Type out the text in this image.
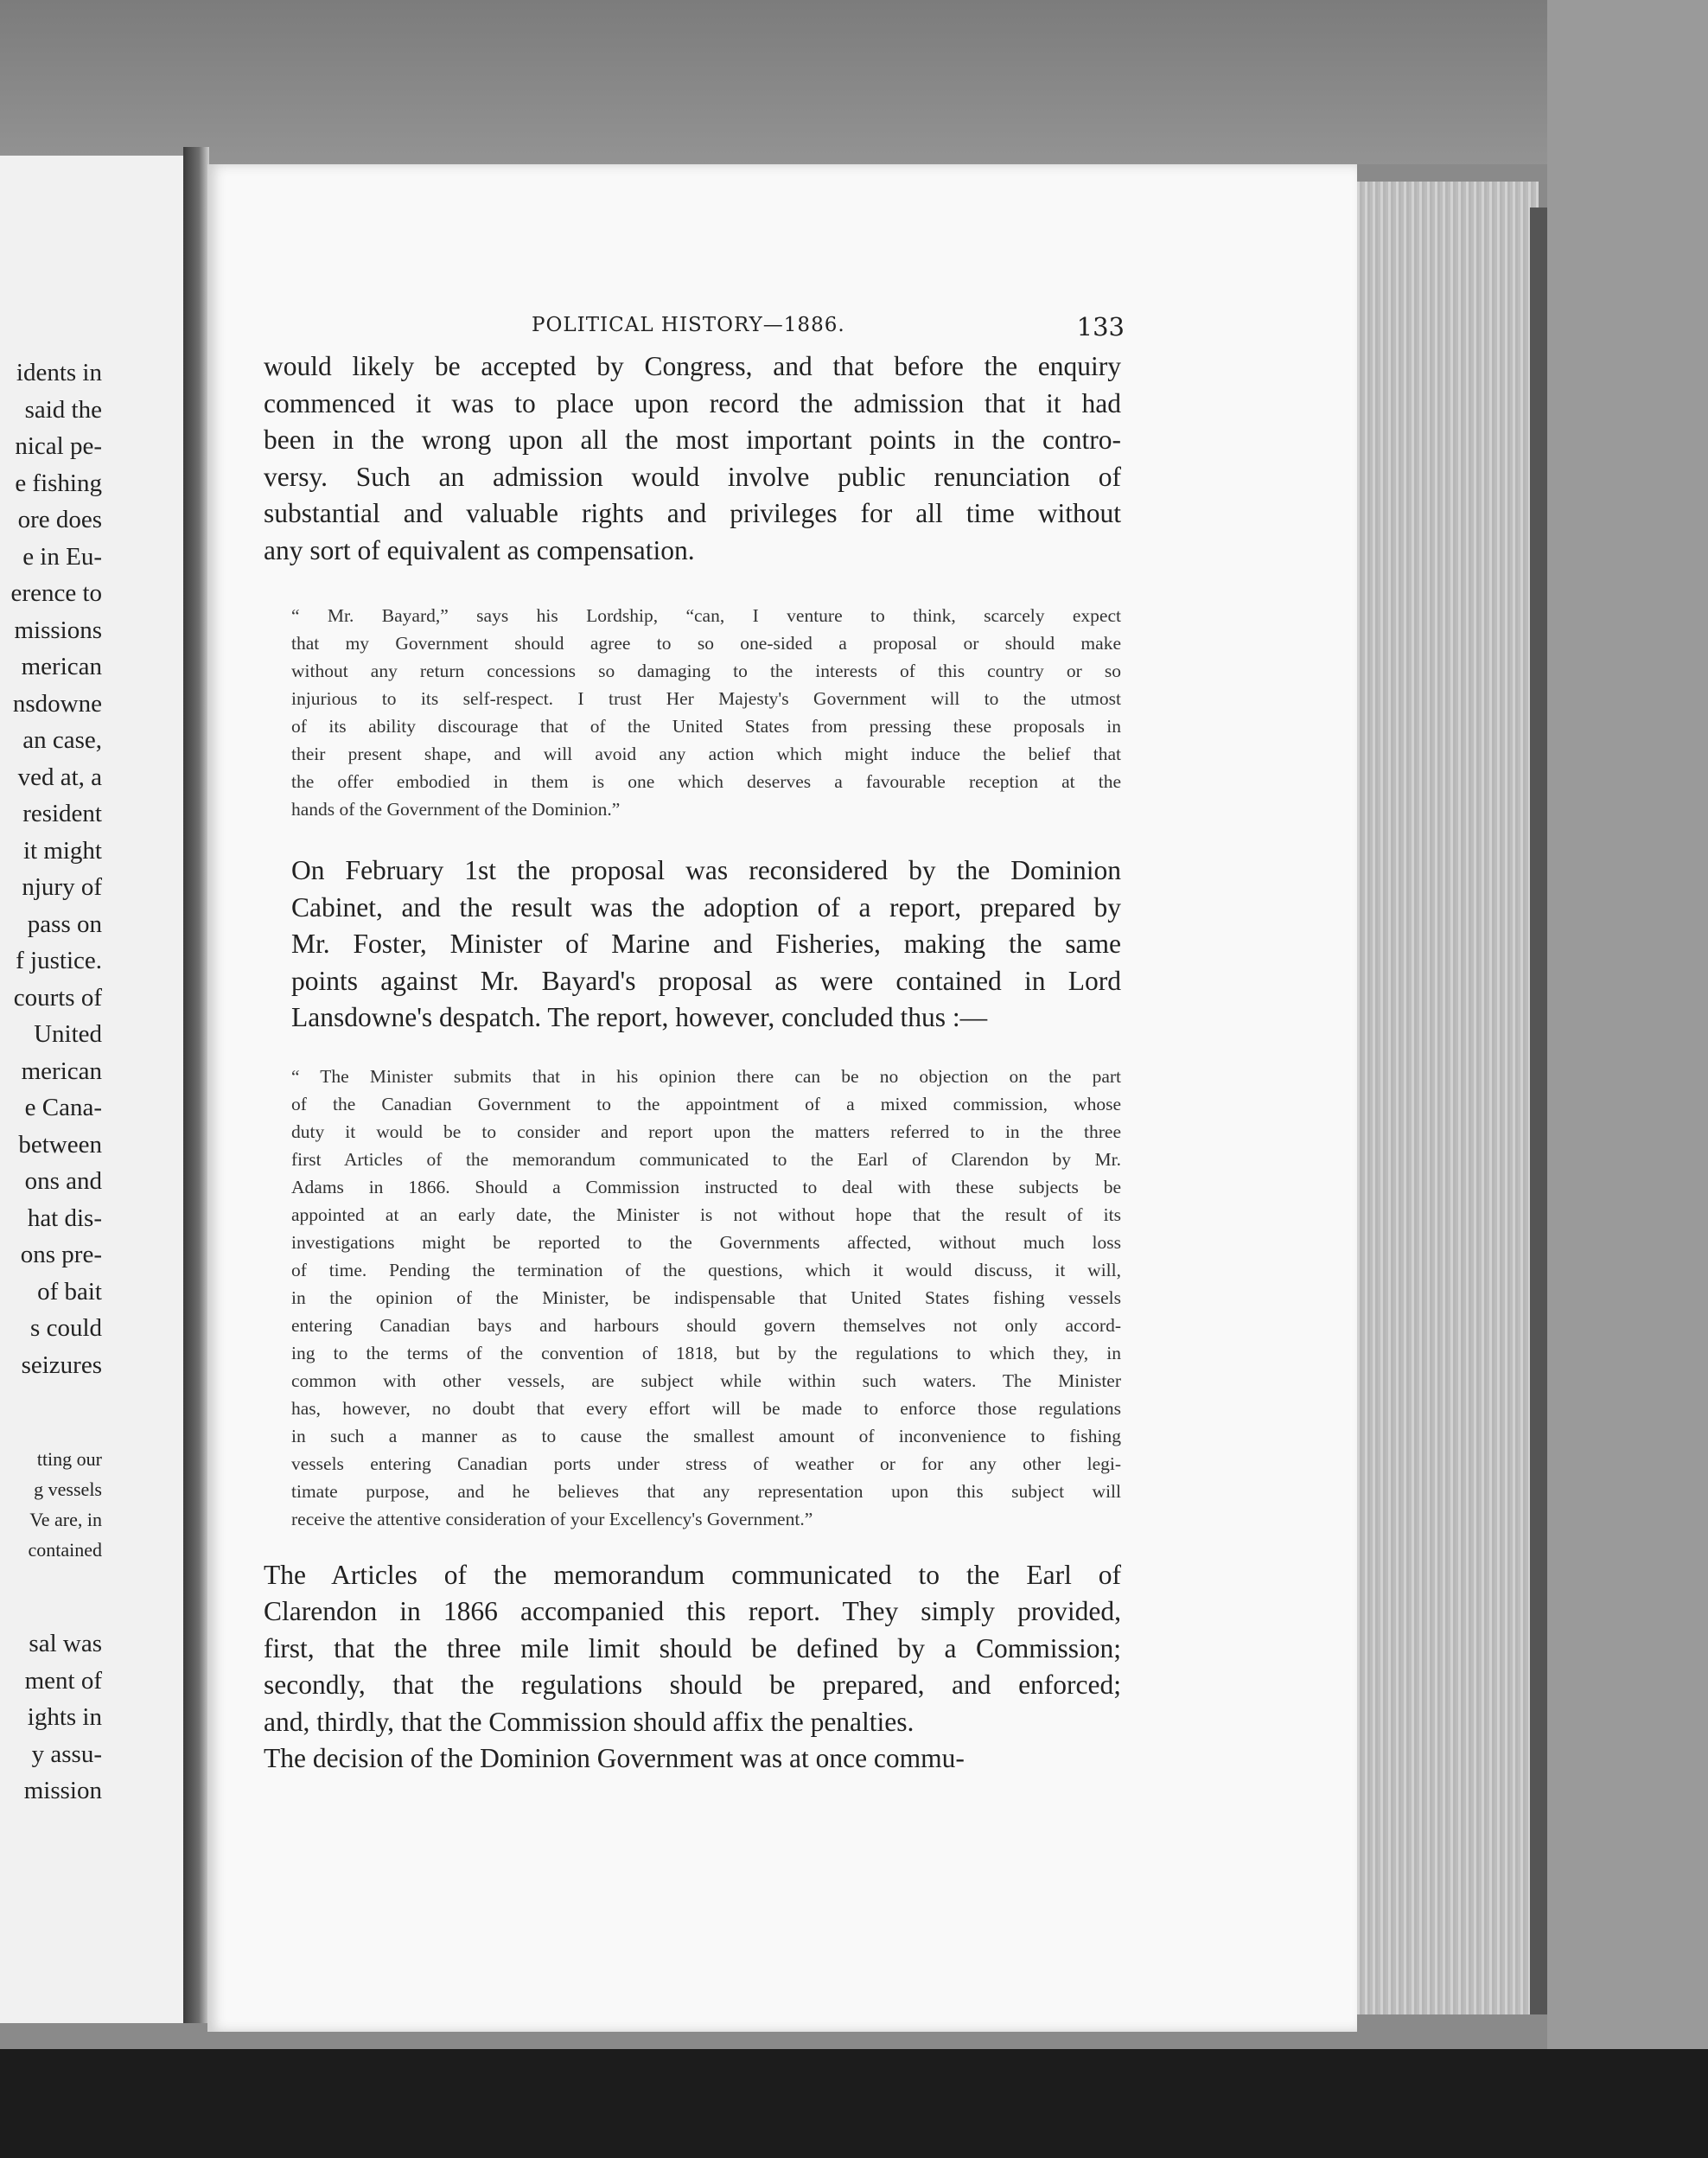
idents in
said the
nical pe-
e fishing
ore does
e in Eu-
erence to
missions
merican
nsdowne
an case,
ved at, a
resident
it might
njury of
pass on
f justice.
courts of
United
merican
e Cana-
between
ons and
hat dis-
ons pre-
of bait
s could
seizures
tting our
g vessels
Ve are, in
contained
sal was
ment of
ights in
y assu-
mission
POLITICAL HISTORY—1886.	133

would likely be accepted by Congress, and that before the enquiry
commenced it was to place upon record the admission that it had
been in the wrong upon all the most important points in the contro-
versy. Such an admission would involve public renunciation of
substantial and valuable rights and privileges for all time without
any sort of equivalent as compensation.

“ Mr. Bayard,” says his Lordship, “can, I venture to think, scarcely expect
that my Government should agree to so one-sided a proposal or should make
without any return concessions so damaging to the interests of this country or so
injurious to its self-respect. I trust Her Majesty's Government will to the utmost
of its ability discourage that of the United States from pressing these proposals in
their present shape, and will avoid any action which might induce the belief that
the offer embodied in them is one which deserves a favourable reception at the
hands of the Government of the Dominion.”

On February 1st the proposal was reconsidered by the Dominion
Cabinet, and the result was the adoption of a report, prepared by
Mr. Foster, Minister of Marine and Fisheries, making the same
points against Mr. Bayard's proposal as were contained in Lord
Lansdowne's despatch. The report, however, concluded thus :—

“ The Minister submits that in his opinion there can be no objection on the part
of the Canadian Government to the appointment of a mixed commission, whose
duty it would be to consider and report upon the matters referred to in the three
first Articles of the memorandum communicated to the Earl of Clarendon by Mr.
Adams in 1866. Should a Commission instructed to deal with these subjects be
appointed at an early date, the Minister is not without hope that the result of its
investigations might be reported to the Governments affected, without much loss
of time. Pending the termination of the questions, which it would discuss, it will,
in the opinion of the Minister, be indispensable that United States fishing vessels
entering Canadian bays and harbours should govern themselves not only accord-
ing to the terms of the convention of 1818, but by the regulations to which they, in
common with other vessels, are subject while within such waters. The Minister
has, however, no doubt that every effort will be made to enforce those regulations
in such a manner as to cause the smallest amount of inconvenience to fishing
vessels entering Canadian ports under stress of weather or for any other legi-
timate purpose, and he believes that any representation upon this subject will
receive the attentive consideration of your Excellency's Government.”

The Articles of the memorandum communicated to the Earl of
Clarendon in 1866 accompanied this report. They simply provided,
first, that the three mile limit should be defined by a Commission;
secondly, that the regulations should be prepared, and enforced;
and, thirdly, that the Commission should affix the penalties.

The decision of the Dominion Government was at once commu-
